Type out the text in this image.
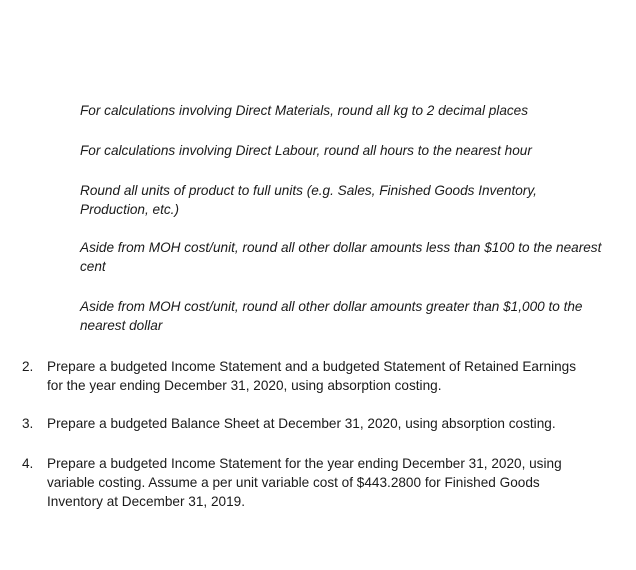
For calculations involving Direct Materials, round all kg to 2 decimal places

For calculations involving Direct Labour, round all hours to the nearest hour

Round all units of product to full units (e.g. Sales, Finished Goods Inventory, Production, etc.)

Aside from MOH cost/unit, round all other dollar amounts less than $100 to the nearest cent

Aside from MOH cost/unit, round all other dollar amounts greater than $1,000 to the nearest dollar

2.	Prepare a budgeted Income Statement and a budgeted Statement of Retained Earnings for the year ending December 31, 2020, using absorption costing.
3.	Prepare a budgeted Balance Sheet at December 31, 2020, using absorption costing.
4.	Prepare a budgeted Income Statement for the year ending December 31, 2020, using variable costing. Assume a per unit variable cost of $443.2800 for Finished Goods Inventory at December 31, 2019.
